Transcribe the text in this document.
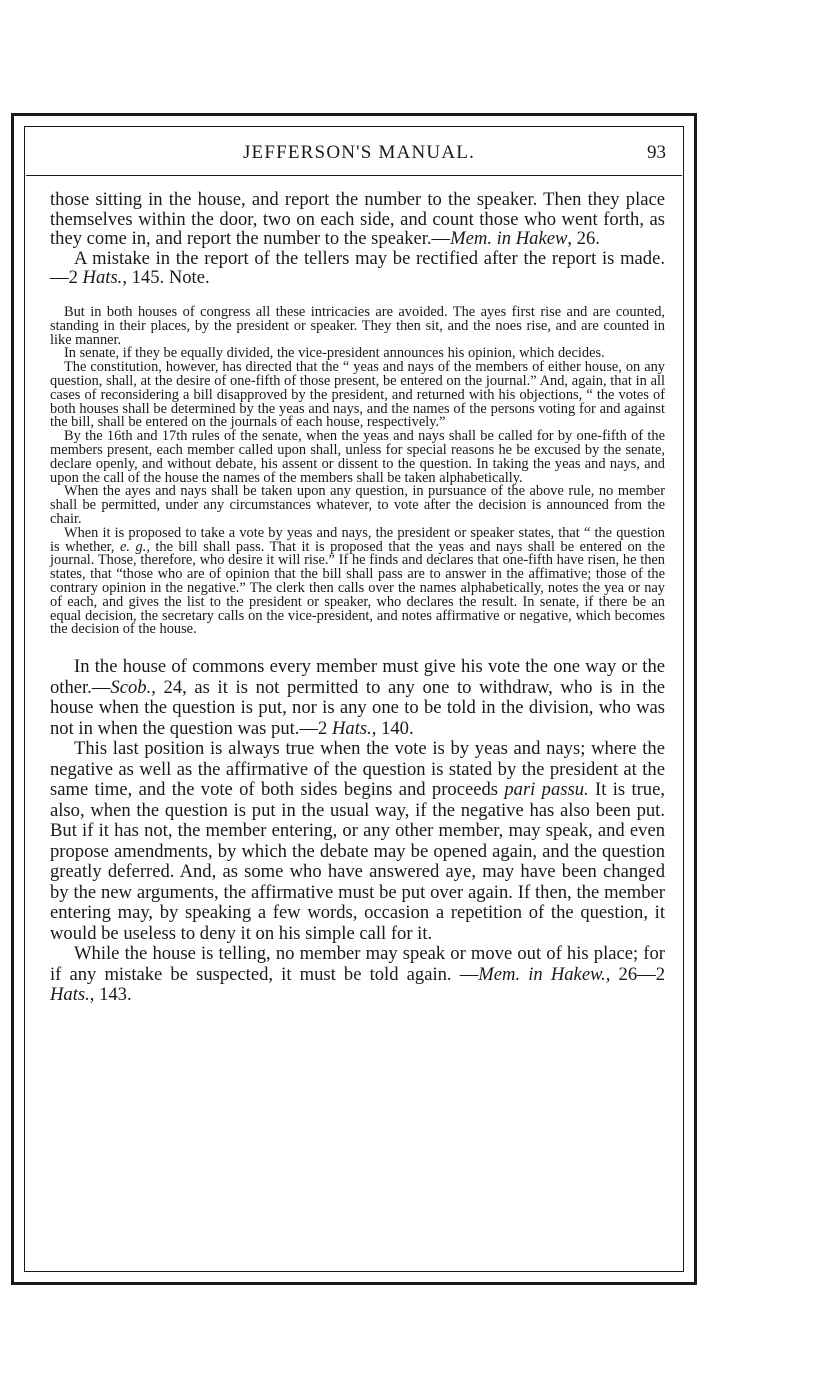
JEFFERSON'S MANUAL.	93

those sitting in the house, and report the number to the speaker. Then they place themselves within the door, two on each side, and count those who went forth, as they come in, and report the number to the speaker.—Mem. in Hakew, 26.

A mistake in the report of the tellers may be rectified after the report is made.—2 Hats., 145. Note.

But in both houses of congress all these intricacies are avoided. The ayes first rise and are counted, standing in their places, by the president or speaker. They then sit, and the noes rise, and are counted in like manner.

In senate, if they be equally divided, the vice-president announces his opinion, which decides.

The constitution, however, has directed that the “ yeas and nays of the members of either house, on any question, shall, at the desire of one-fifth of those present, be entered on the journal.” And, again, that in all cases of reconsidering a bill disapproved by the president, and returned with his objections, “ the votes of both houses shall be determined by the yeas and nays, and the names of the persons voting for and against the bill, shall be entered on the journals of each house, respectively.”

By the 16th and 17th rules of the senate, when the yeas and nays shall be called for by one-fifth of the members present, each member called upon shall, unless for special reasons he be excused by the senate, declare openly, and without debate, his assent or dissent to the question. In taking the yeas and nays, and upon the call of the house the names of the members shall be taken alphabetically.

When the ayes and nays shall be taken upon any question, in pursuance of the above rule, no member shall be permitted, under any circumstances whatever, to vote after the decision is announced from the chair.

When it is proposed to take a vote by yeas and nays, the president or speaker states, that “ the question is whether, e. g., the bill shall pass. That it is proposed that the yeas and nays shall be entered on the journal. Those, therefore, who desire it will rise.” If he finds and declares that one-fifth have risen, he then states, that “those who are of opinion that the bill shall pass are to answer in the affimative; those of the contrary opinion in the negative.” The clerk then calls over the names alphabetically, notes the yea or nay of each, and gives the list to the president or speaker, who declares the result. In senate, if there be an equal decision, the secretary calls on the vice-president, and notes affirmative or negative, which becomes the decision of the house.

In the house of commons every member must give his vote the one way or the other.—Scob., 24, as it is not permitted to any one to withdraw, who is in the house when the question is put, nor is any one to be told in the division, who was not in when the question was put.—2 Hats., 140.

This last position is always true when the vote is by yeas and nays; where the negative as well as the affirmative of the question is stated by the president at the same time, and the vote of both sides begins and proceeds pari passu. It is true, also, when the question is put in the usual way, if the negative has also been put. But if it has not, the member entering, or any other member, may speak, and even propose amendments, by which the debate may be opened again, and the question greatly deferred. And, as some who have answered aye, may have been changed by the new arguments, the affirmative must be put over again. If then, the member entering may, by speaking a few words, occasion a repetition of the question, it would be useless to deny it on his simple call for it.

While the house is telling, no member may speak or move out of his place; for if any mistake be suspected, it must be told again. —Mem. in Hakew., 26—2 Hats., 143.
